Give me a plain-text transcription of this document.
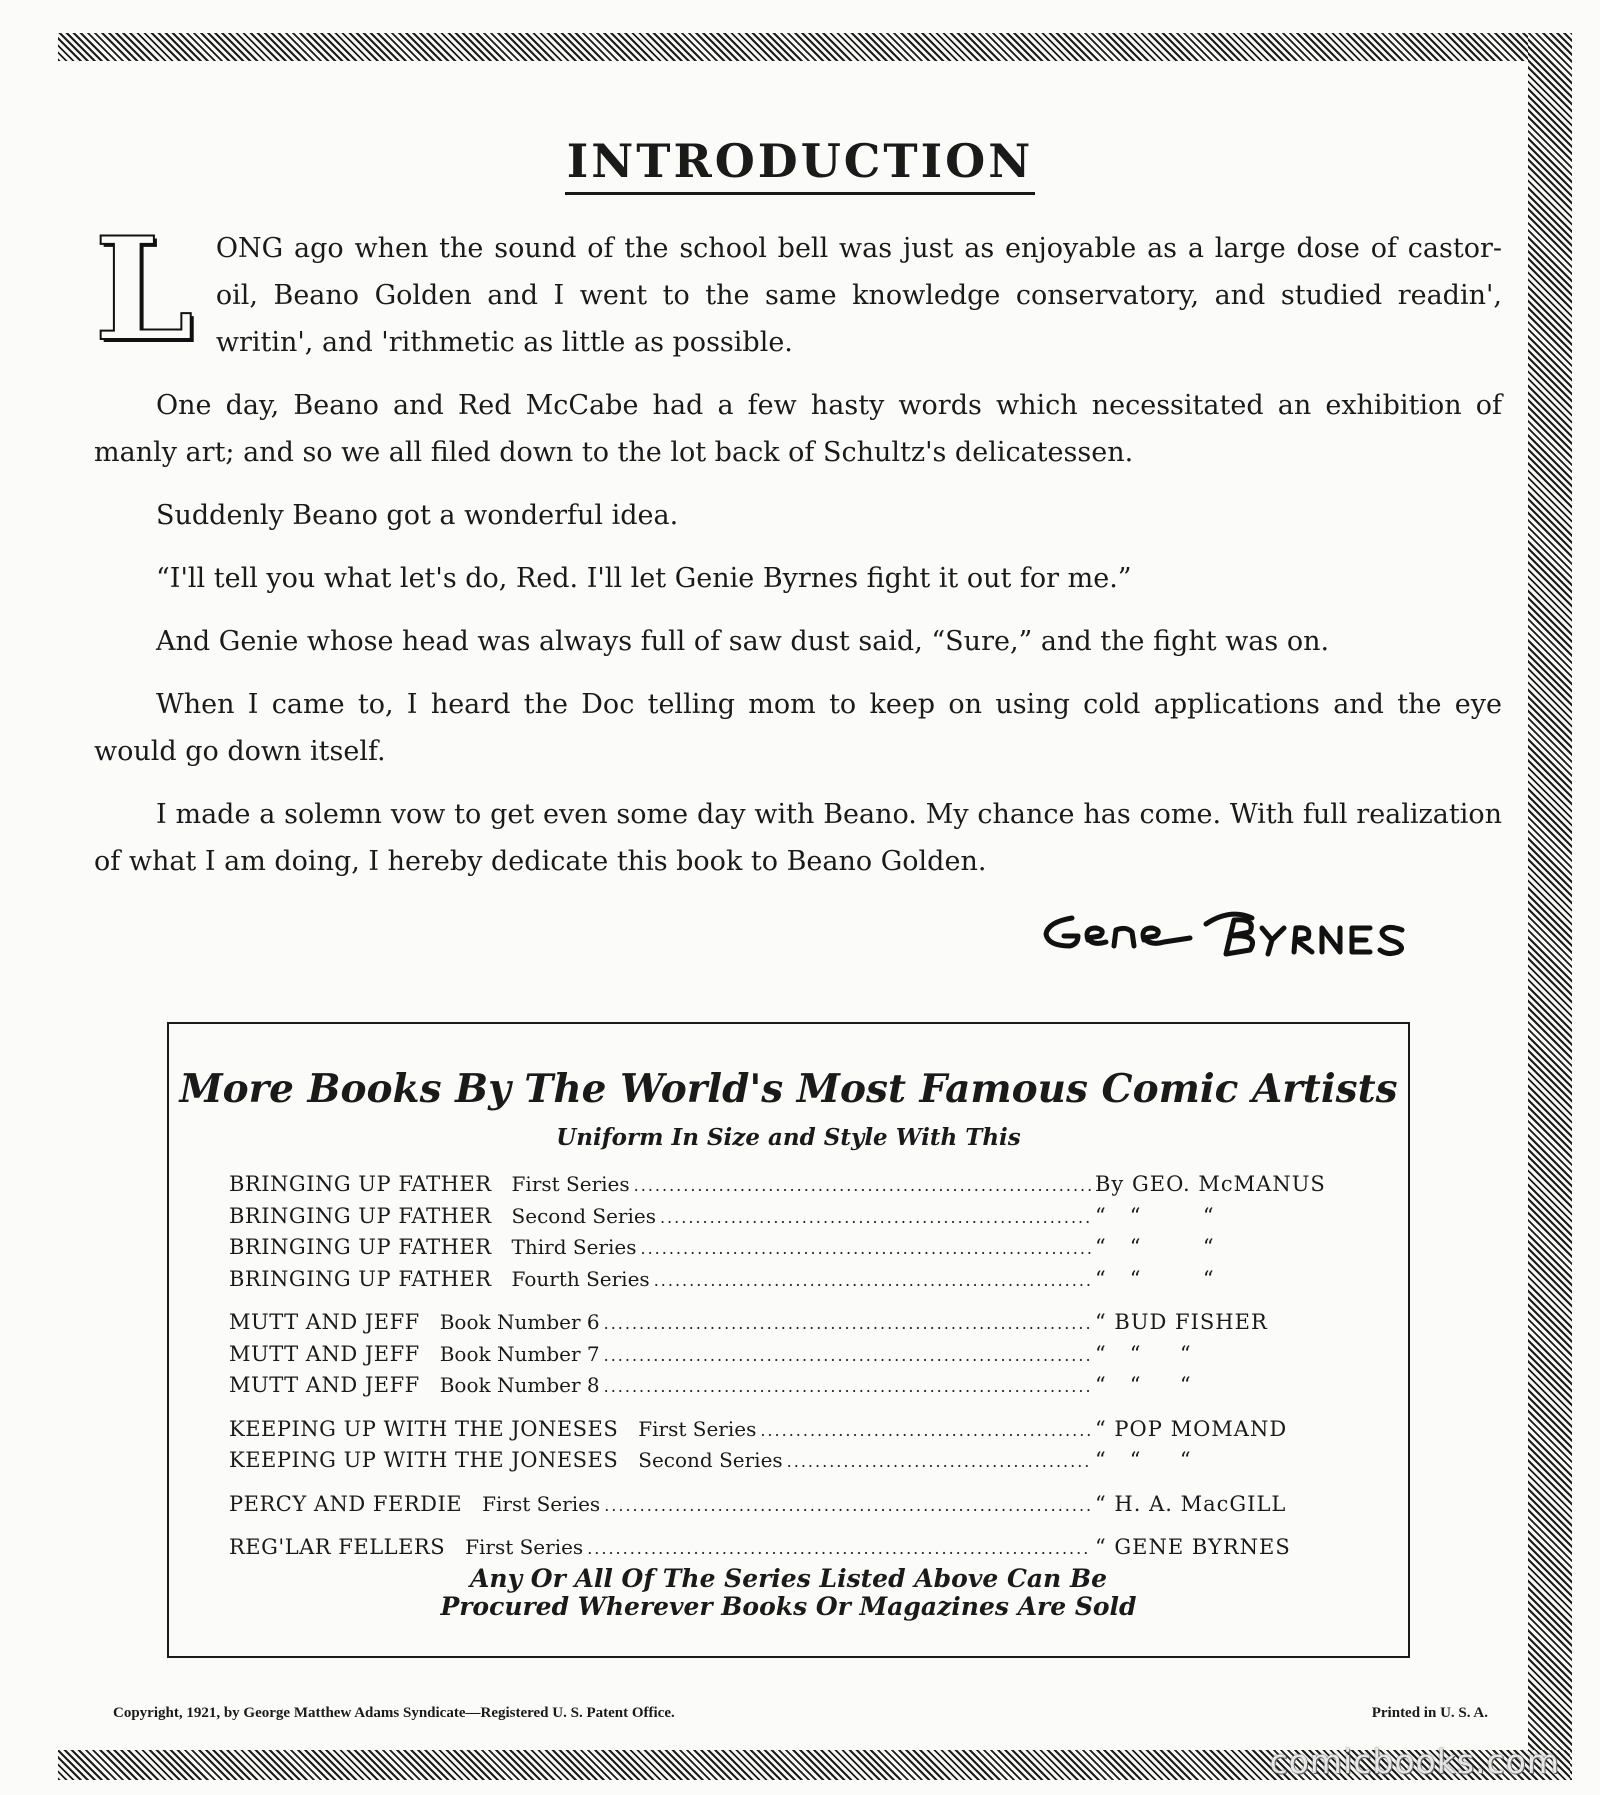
comicbooks.com
INTRODUCTION

LONG ago when the sound of the school bell was just as enjoyable as a large dose of castor-oil, Beano Golden and I went to the same knowledge conservatory, and studied readin', writin', and 'rithmetic as little as possible.

One day, Beano and Red McCabe had a few hasty words which necessitated an exhibition of manly art; and so we all filed down to the lot back of Schultz's delicatessen.

Suddenly Beano got a wonderful idea.

“I'll tell you what let's do, Red. I'll let Genie Byrnes fight it out for me.”

And Genie whose head was always full of saw dust said, “Sure,” and the fight was on.

When I came to, I heard the Doc telling mom to keep on using cold applications and the eye would go down itself.

I made a solemn vow to get even some day with Beano. My chance has come. With full realization of what I am doing, I hereby dedicate this book to Beano Golden.

More Books By The World's Most Famous Comic Artists
Uniform In Size and Style With This
BRINGING UP FATHER First Series .....	By GEO. McMANUS
BRINGING UP FATHER Second Series .....	“   “        “
BRINGING UP FATHER Third Series .....	“   “        “
BRINGING UP FATHER Fourth Series .....	“   “        “
MUTT AND JEFF Book Number 6 .....	“ BUD FISHER
MUTT AND JEFF Book Number 7 .....	“   “     “
MUTT AND JEFF Book Number 8 .....	“   “     “
KEEPING UP WITH THE JONESES First Series .....	“ POP MOMAND
KEEPING UP WITH THE JONESES Second Series .....	“   “     “
PERCY AND FERDIE First Series .....	“ H. A. MacGILL
REG'LAR FELLERS First Series .....	“ GENE BYRNES
Any Or All Of The Series Listed Above Can Be
Procured Wherever Books Or Magazines Are Sold
Copyright, 1921, by George Matthew Adams Syndicate—Registered U. S. Patent Office.	Printed in U. S. A.
